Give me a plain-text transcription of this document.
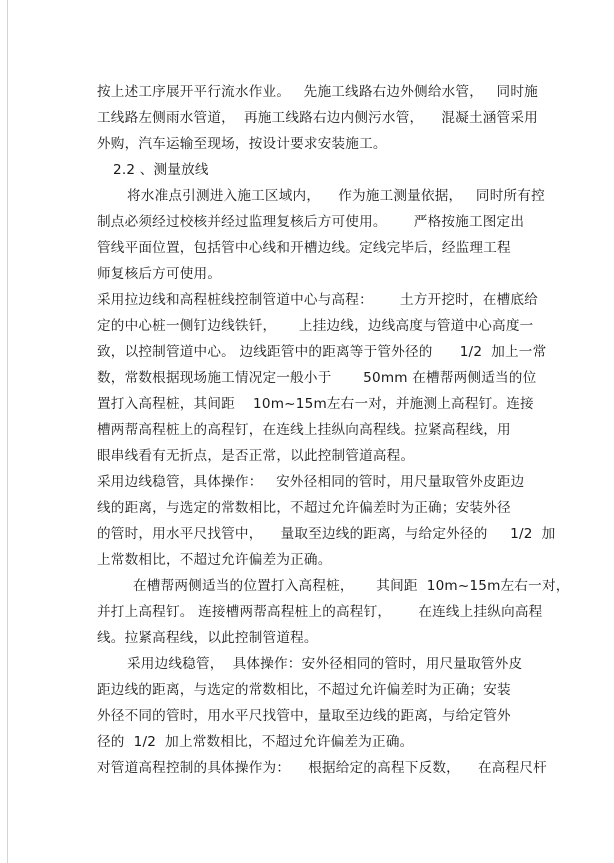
按上述工序展开平行流水作业。   先施工线路右边外侧给水管，   同时施
工线路左侧雨水管道，  再施工线路右边内侧污水管，    混凝土涵管采用
外购，汽车运输至现场，按设计要求安装施工。
2.2 、测量放线
将水准点引测进入施工区域内，    作为施工测量依据，   同时所有控
制点必须经过校核并经过监理复核后方可使用。      严格按施工图定出
管线平面位置，包括管中心线和开槽边线。定线完毕后，经监理工程
师复核后方可使用。
采用拉边线和高程桩线控制管道中心与高程：      土方开挖时，在槽底给
定的中心桩一侧钉边线铁钎，     上挂边线，边线高度与管道中心高度一
致，以控制管道中心。 边线距管中的距离等于管外径的      1/2  加上一常
数，常数根据现场施工情况定一般小于       50mm 在槽帮两侧适当的位
置打入高程桩，其间距    10m~15m左右一对，并施测上高程钉。连接
槽两帮高程桩上的高程钉，在连线上挂纵向高程线。拉紧高程线，用
眼串线看有无折点，是否正常，以此控制管道高程。
采用边线稳管，具体操作：   安外径相同的管时，用尺量取管外皮距边
线的距离，与选定的常数相比，不超过允许偏差时为正确；安装外径
的管时，用水平尺找管中，    量取至边线的距离，与给定外径的     1/2  加
上常数相比，不超过允许偏差为正确。
在槽帮两侧适当的位置打入高程桩，     其间距  10m~15m左右一对，
并打上高程钉。 连接槽两帮高程桩上的高程钉，      在连线上挂纵向高程
线。拉紧高程线，以此控制管道程。
采用边线稳管，  具体操作：安外径相同的管时，用尺量取管外皮
距边线的距离，与选定的常数相比，不超过允许偏差时为正确；安装
外径不同的管时，用水平尺找管中，量取至边线的距离，与给定管外
径的  1/2  加上常数相比，不超过允许偏差为正确。
对管道高程控制的具体操作为：    根据给定的高程下反数，    在高程尺杆
